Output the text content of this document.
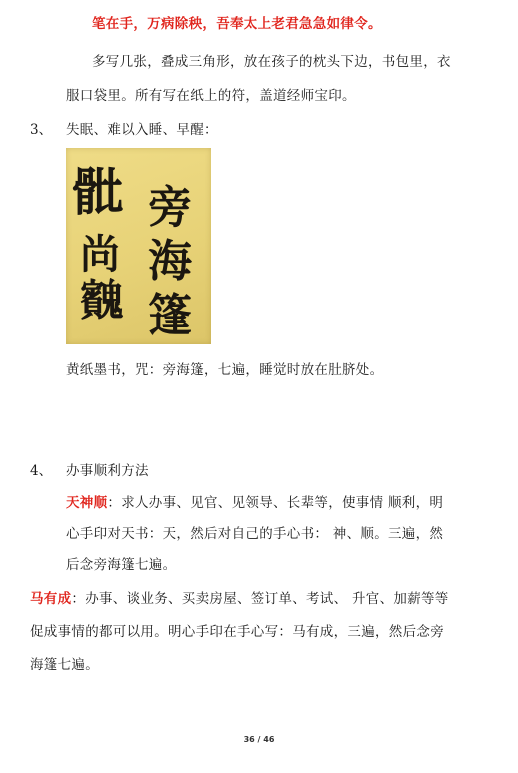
笔在手，万病除秧，吾奉太上老君急急如律令。
多写几张，叠成三角形，放在孩子的枕头下边，书包里，衣
服口袋里。所有写在纸上的符，盖道经师宝印。
3、 失眠、难以入睡、早醒：
𩨨
尚
𩴱
旁
海
篷
黄纸墨书，咒：旁海篷，七遍，睡觉时放在肚脐处。
4、 办事顺利方法
天神顺：求人办事、见官、见领导、长辈等，使事情 顺利，明
心手印对天书：天，然后对自己的手心书： 神、顺。三遍，然
后念旁海篷七遍。
马有成：办事、谈业务、买卖房屋、签订单、考试、 升官、加薪等等
促成事情的都可以用。明心手印在手心写：马有成，三遍，然后念旁
海篷七遍。
36 / 46
